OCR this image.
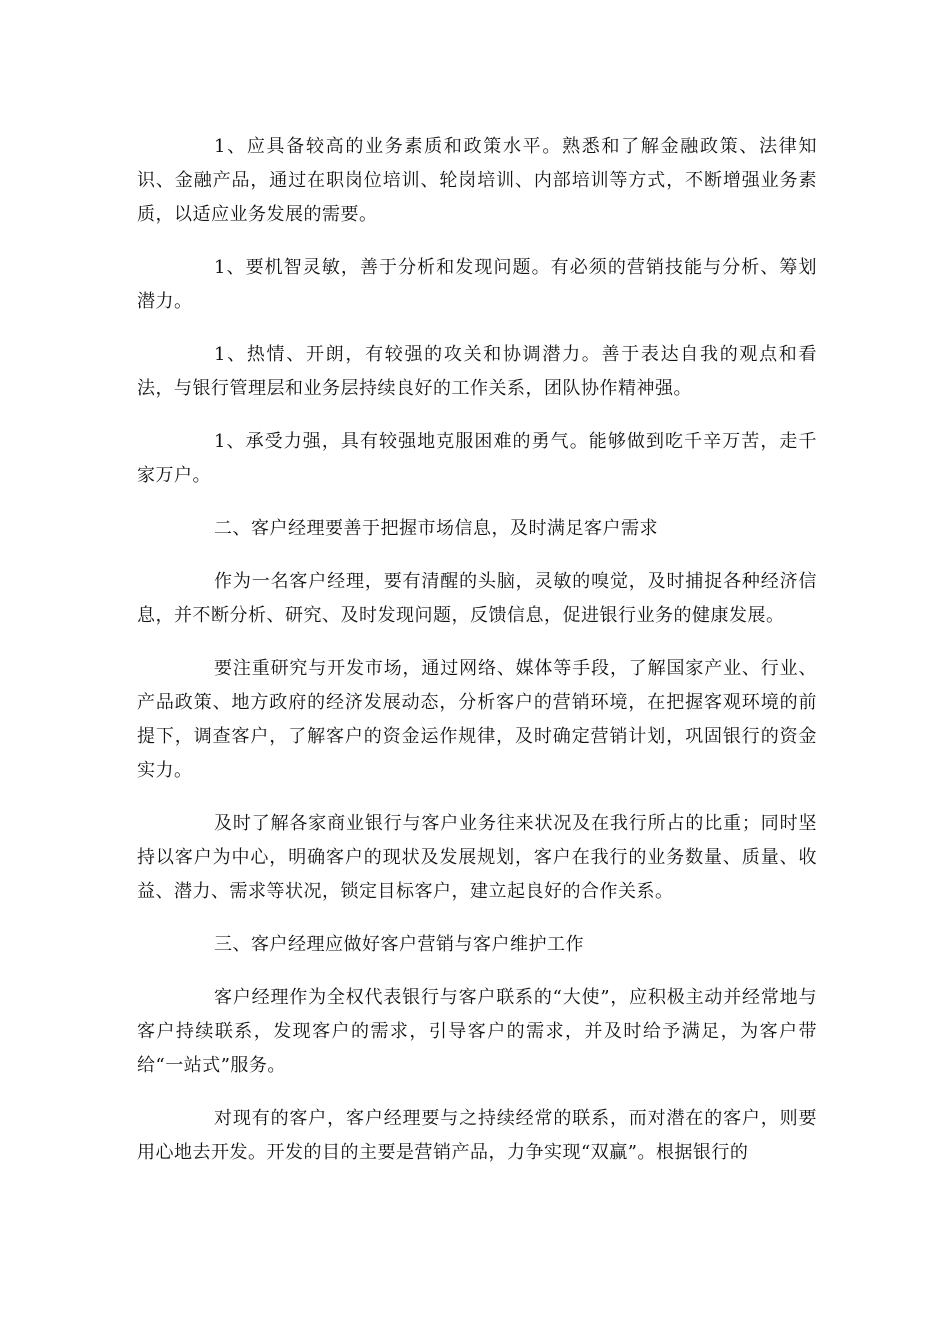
1、应具备较高的业务素质和政策水平。熟悉和了解金融政策、法律知识、金融产品，通过在职岗位培训、轮岗培训、内部培训等方式，不断增强业务素质，以适应业务发展的需要。

1、要机智灵敏，善于分析和发现问题。有必须的营销技能与分析、筹划潜力。

1、热情、开朗，有较强的攻关和协调潜力。善于表达自我的观点和看法，与银行管理层和业务层持续良好的工作关系，团队协作精神强。

1、承受力强，具有较强地克服困难的勇气。能够做到吃千辛万苦，走千家万户。

二、客户经理要善于把握市场信息，及时满足客户需求

作为一名客户经理，要有清醒的头脑，灵敏的嗅觉，及时捕捉各种经济信息，并不断分析、研究、及时发现问题，反馈信息，促进银行业务的健康发展。

要注重研究与开发市场，通过网络、媒体等手段，了解国家产业、行业、产品政策、地方政府的经济发展动态，分析客户的营销环境，在把握客观环境的前提下，调查客户，了解客户的资金运作规律，及时确定营销计划，巩固银行的资金实力。

及时了解各家商业银行与客户业务往来状况及在我行所占的比重；同时坚持以客户为中心，明确客户的现状及发展规划，客户在我行的业务数量、质量、收益、潜力、需求等状况，锁定目标客户，建立起良好的合作关系。

三、客户经理应做好客户营销与客户维护工作

客户经理作为全权代表银行与客户联系的“大使”，应积极主动并经常地与客户持续联系，发现客户的需求，引导客户的需求，并及时给予满足，为客户带给“一站式”服务。

对现有的客户，客户经理要与之持续经常的联系，而对潜在的客户，则要用心地去开发。开发的目的主要是营销产品，力争实现“双赢”。根据银行的
